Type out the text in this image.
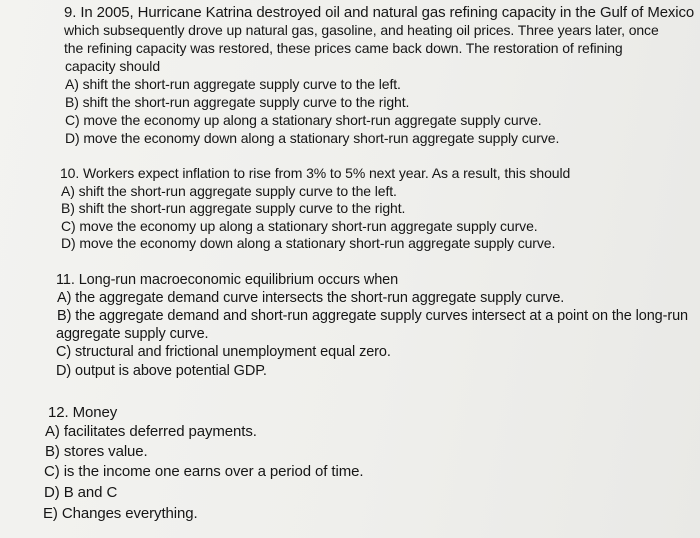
9. In 2005, Hurricane Katrina destroyed oil and natural gas refining capacity in the Gulf of Mexico
which subsequently drove up natural gas, gasoline, and heating oil prices. Three years later, once
the refining capacity was restored, these prices came back down. The restoration of refining
capacity should
A) shift the short-run aggregate supply curve to the left.
B) shift the short-run aggregate supply curve to the right.
C) move the economy up along a stationary short-run aggregate supply curve.
D) move the economy down along a stationary short-run aggregate supply curve.
10. Workers expect inflation to rise from 3% to 5% next year. As a result, this should
A) shift the short-run aggregate supply curve to the left.
B) shift the short-run aggregate supply curve to the right.
C) move the economy up along a stationary short-run aggregate supply curve.
D) move the economy down along a stationary short-run aggregate supply curve.
11. Long-run macroeconomic equilibrium occurs when
A) the aggregate demand curve intersects the short-run aggregate supply curve.
B) the aggregate demand and short-run aggregate supply curves intersect at a point on the long-run
aggregate supply curve.
C) structural and frictional unemployment equal zero.
D) output is above potential GDP.
12. Money
A) facilitates deferred payments.
B) stores value.
C) is the income one earns over a period of time.
D) B and C
E) Changes everything.
